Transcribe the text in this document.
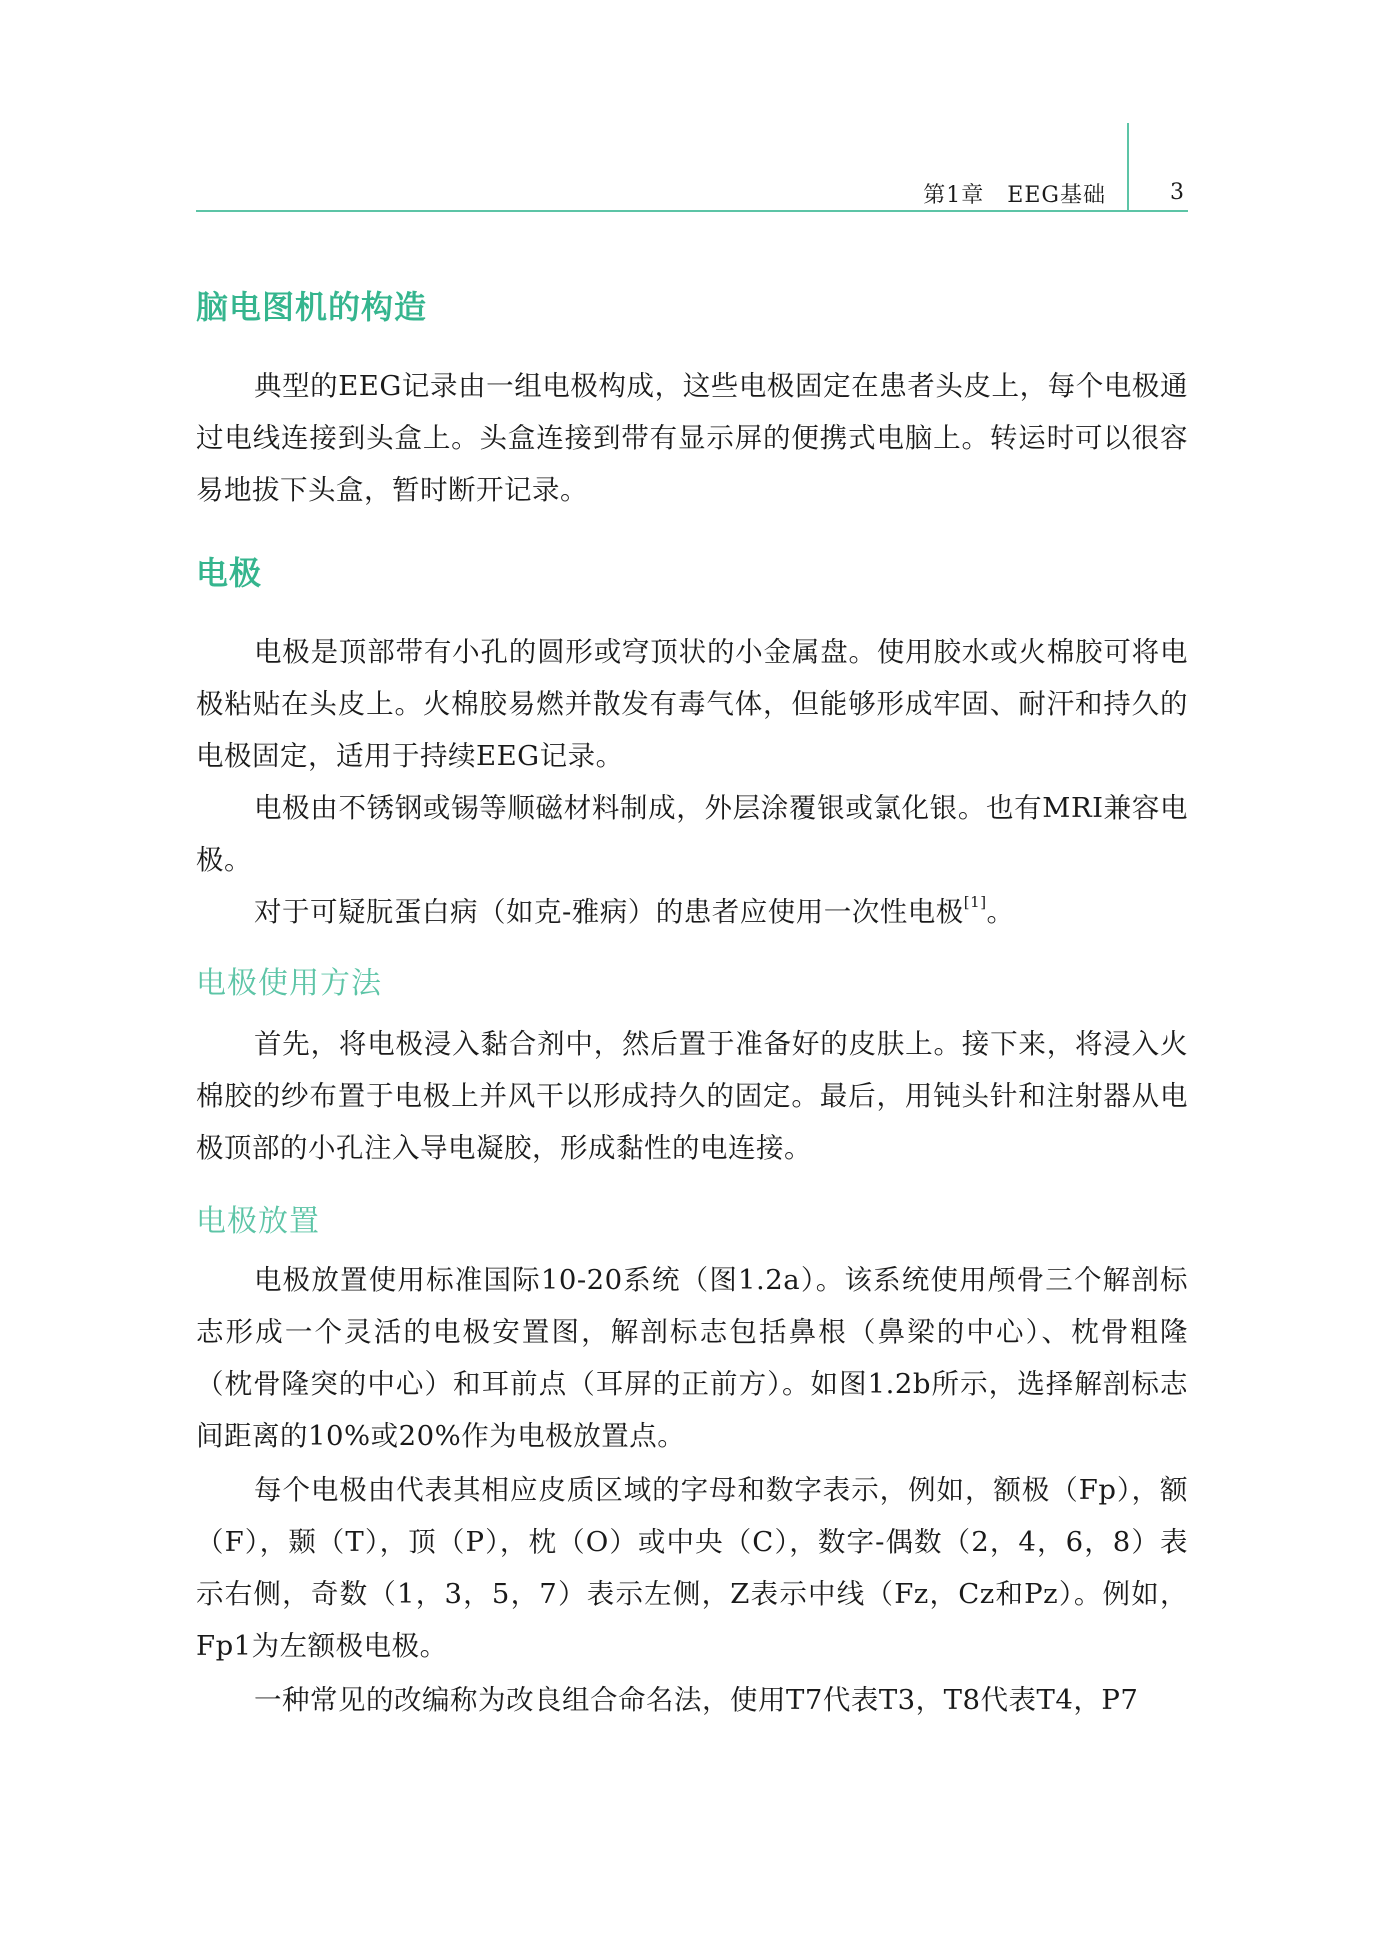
第1章　EEG基础	3
脑电图机的构造

典型的EEG记录由一组电极构成，这些电极固定在患者头皮上，每个电极通过电线连接到头盒上。头盒连接到带有显示屏的便携式电脑上。转运时可以很容易地拔下头盒，暂时断开记录。

电极

电极是顶部带有小孔的圆形或穹顶状的小金属盘。使用胶水或火棉胶可将电极粘贴在头皮上。火棉胶易燃并散发有毒气体，但能够形成牢固、耐汗和持久的电极固定，适用于持续EEG记录。

电极由不锈钢或锡等顺磁材料制成，外层涂覆银或氯化银。也有MRI兼容电极。

对于可疑朊蛋白病（如克-雅病）的患者应使用一次性电极[1]。

电极使用方法

首先，将电极浸入黏合剂中，然后置于准备好的皮肤上。接下来，将浸入火棉胶的纱布置于电极上并风干以形成持久的固定。最后，用钝头针和注射器从电极顶部的小孔注入导电凝胶，形成黏性的电连接。

电极放置

电极放置使用标准国际10-20系统（图1.2a）。该系统使用颅骨三个解剖标志形成一个灵活的电极安置图，解剖标志包括鼻根（鼻梁的中心）、枕骨粗隆（枕骨隆突的中心）和耳前点（耳屏的正前方）。如图1.2b所示，选择解剖标志间距离的10%或20%作为电极放置点。

每个电极由代表其相应皮质区域的字母和数字表示，例如，额极（Fp），额（F），颞（T），顶（P），枕（O）或中央（C），数字-偶数（2，4，6，8）表示右侧，奇数（1，3，5，7）表示左侧，Z表示中线（Fz，Cz和Pz）。例如，Fp1为左额极电极。

一种常见的改编称为改良组合命名法，使用T7代表T3，T8代表T4，P7
